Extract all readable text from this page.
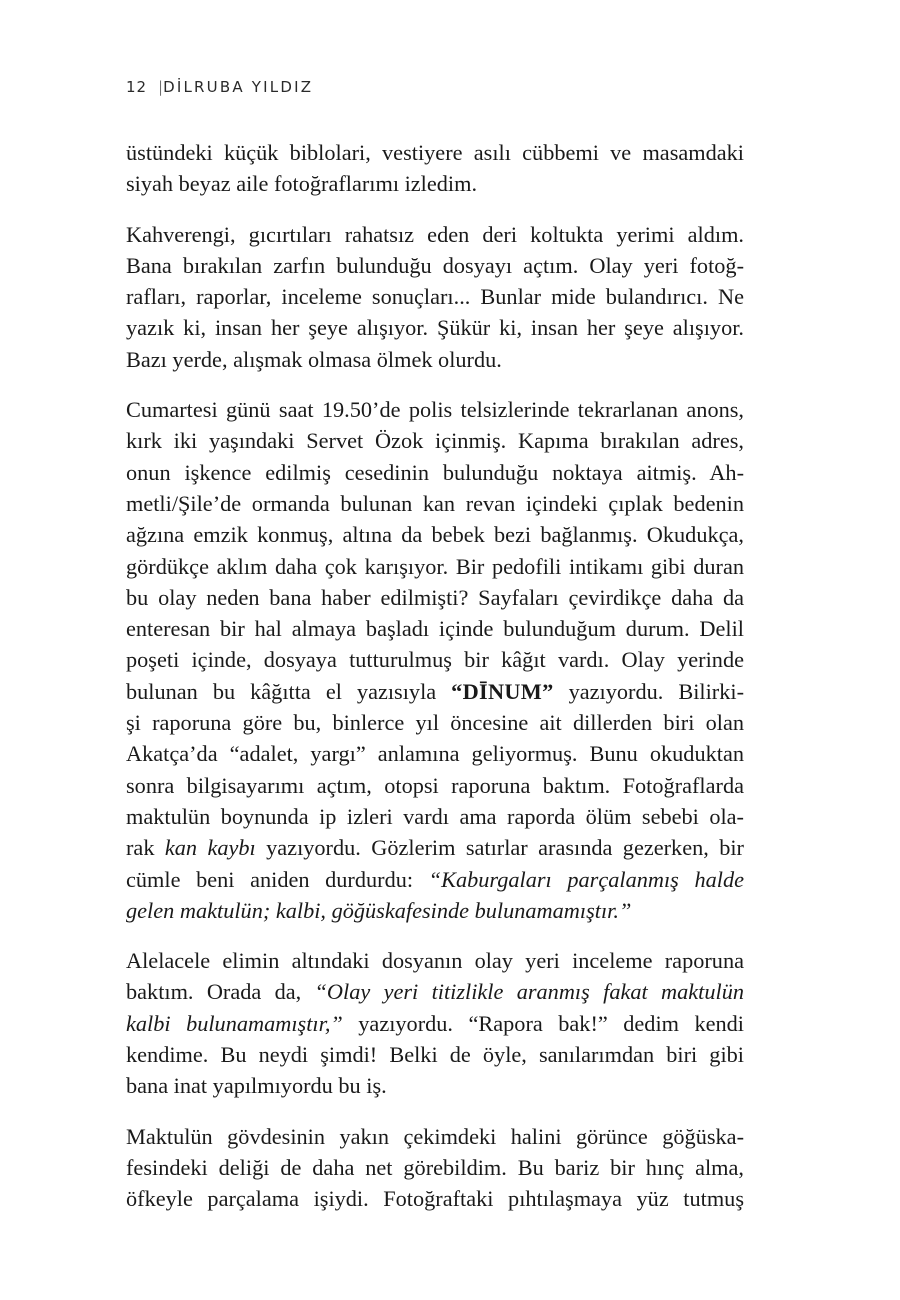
12 |DİLRUBA YILDIZ

üstündeki küçük biblolari, vestiyere asılı cübbemi ve masamdaki
siyah beyaz aile fotoğraflarımı izledim.

Kahverengi, gıcırtıları rahatsız eden deri koltukta yerimi aldım.
Bana bırakılan zarfın bulunduğu dosyayı açtım. Olay yeri fotoğ-
rafları, raporlar, inceleme sonuçları... Bunlar mide bulandırıcı. Ne
yazık ki, insan her şeye alışıyor. Şükür ki, insan her şeye alışıyor.
Bazı yerde, alışmak olmasa ölmek olurdu.

Cumartesi günü saat 19.50’de polis telsizlerinde tekrarlanan anons,
kırk iki yaşındaki Servet Özok içinmiş. Kapıma bırakılan adres,
onun işkence edilmiş cesedinin bulunduğu noktaya aitmiş. Ah-
metli/Şile’de ormanda bulunan kan revan içindeki çıplak bedenin
ağzına emzik konmuş, altına da bebek bezi bağlanmış. Okudukça,
gördükçe aklım daha çok karışıyor. Bir pedofili intikamı gibi duran
bu olay neden bana haber edilmişti? Sayfaları çevirdikçe daha da
enteresan bir hal almaya başladı içinde bulunduğum durum. Delil
poşeti içinde, dosyaya tutturulmuş bir kâğıt vardı. Olay yerinde
bulunan bu kâğıtta el yazısıyla “DĪNUM” yazıyordu. Bilirki-
şi raporuna göre bu, binlerce yıl öncesine ait dillerden biri olan
Akatça’da “adalet, yargı” anlamına geliyormuş. Bunu okuduktan
sonra bilgisayarımı açtım, otopsi raporuna baktım. Fotoğraflarda
maktulün boynunda ip izleri vardı ama raporda ölüm sebebi ola-
rak kan kaybı yazıyordu. Gözlerim satırlar arasında gezerken, bir
cümle beni aniden durdurdu: “Kaburgaları parçalanmış halde
gelen maktulün; kalbi, göğüskafesinde bulunamamıştır.”

Alelacele elimin altındaki dosyanın olay yeri inceleme raporuna
baktım. Orada da, “Olay yeri titizlikle aranmış fakat maktulün
kalbi bulunamamıştır,” yazıyordu. “Rapora bak!” dedim kendi
kendime. Bu neydi şimdi! Belki de öyle, sanılarımdan biri gibi
bana inat yapılmıyordu bu iş.

Maktulün gövdesinin yakın çekimdeki halini görünce göğüska-
fesindeki deliği de daha net görebildim. Bu bariz bir hınç alma,
öfkeyle parçalama işiydi. Fotoğraftaki pıhtılaşmaya yüz tutmuş
